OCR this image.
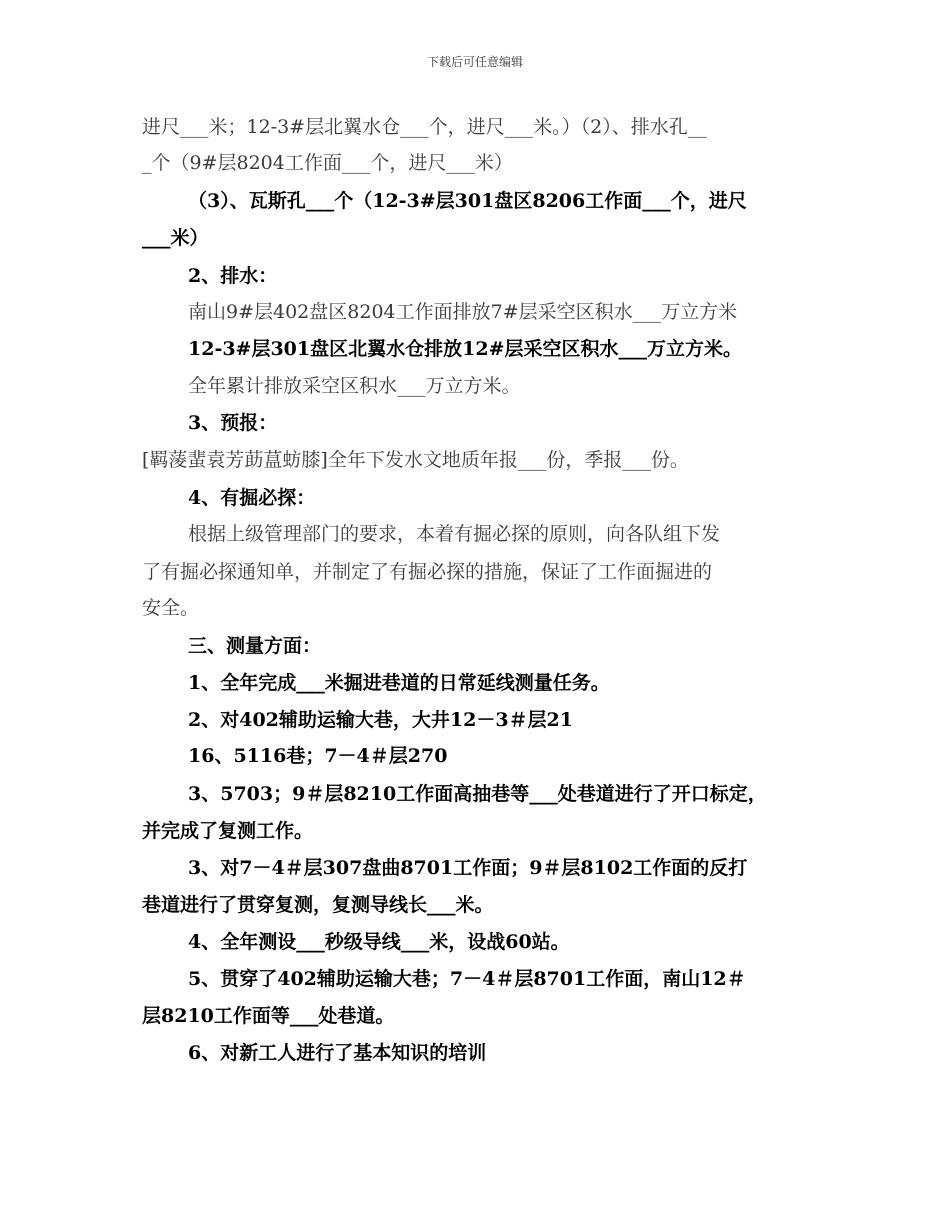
下载后可任意编辑
进尺___米；12-3#层北翼水仓___个，进尺___米。）（2）、排水孔__
_个（9#层8204工作面___个，进尺___米）
（3）、瓦斯孔___个（12-3#层301盘区8206工作面___个，进尺
___米）
2、排水：
南山9#层402盘区8204工作面排放7#层采空区积水___万立方米
12-3#层301盘区北翼水仓排放12#层采空区积水___万立方米。
全年累计排放采空区积水___万立方米。
3、预报：
[羁蔆蜚袁芳莇蒀蚄膝]全年下发水文地质年报___份，季报___份。
4、有掘必探：
根据上级管理部门的要求，本着有掘必探的原则，向各队组下发
了有掘必探通知单，并制定了有掘必探的措施，保证了工作面掘进的
安全。
三、测量方面：
1、全年完成___米掘进巷道的日常延线测量任务。
2、对402辅助运输大巷，大井12－3＃层21
16、5116巷；7－4＃层270
3、5703；9＃层8210工作面高抽巷等___处巷道进行了开口标定，
并完成了复测工作。
3、对7－4＃层307盘曲8701工作面；9＃层8102工作面的反打
巷道进行了贯穿复测，复测导线长___米。
4、全年测设___秒级导线___米，设战60站。
5、贯穿了402辅助运输大巷；7－4＃层8701工作面，南山12＃
层8210工作面等___处巷道。
6、对新工人进行了基本知识的培训
